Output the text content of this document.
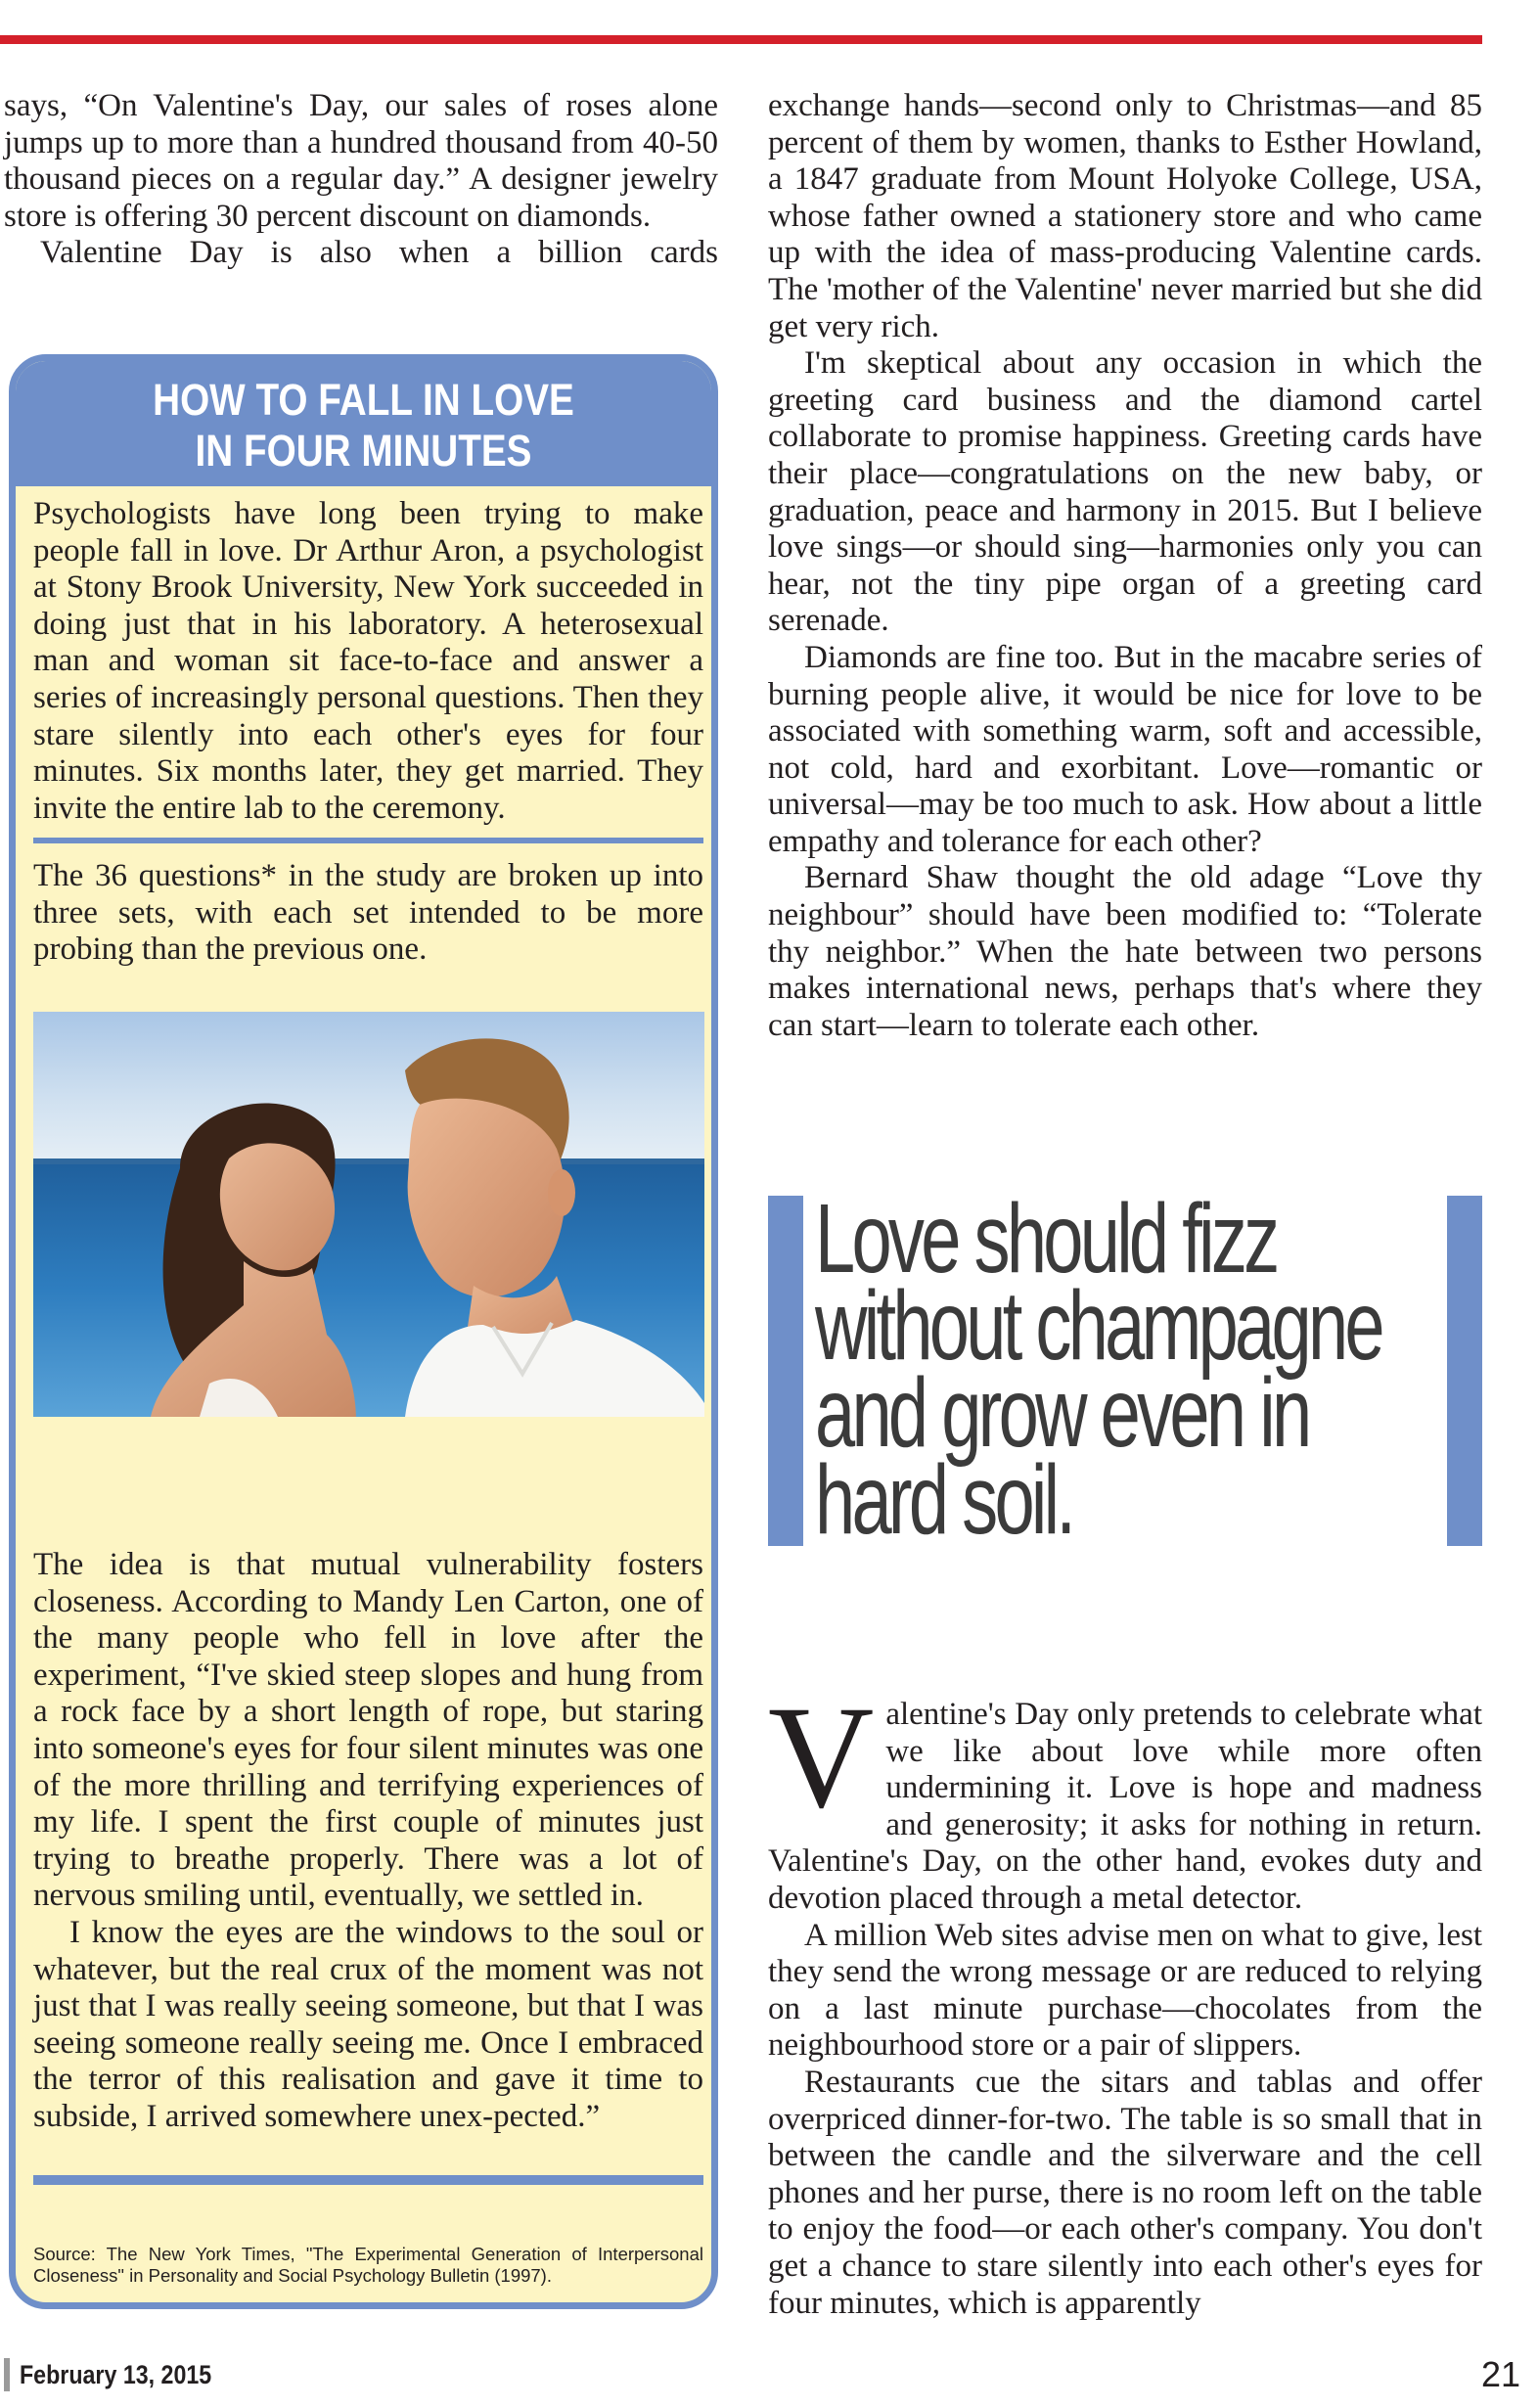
says, “On Valentine's Day, our sales of roses alone jumps up to more than a hundred thousand from 40-50 thousand pieces on a regular day.” A designer jewelry store is offering 30 percent discount on diamonds.

Valentine Day is also when a billion cards

HOW TO FALL IN LOVE
IN FOUR MINUTES
Psychologists have long been trying to make people fall in love. Dr Arthur Aron, a psychologist at Stony Brook University, New York succeeded in doing just that in his laboratory. A heterosexual man and woman sit face-to-face and answer a series of increasingly personal questions. Then they stare silently into each other's eyes for four minutes. Six months later, they get married. They invite the entire lab to the ceremony.
The 36 questions* in the study are broken up into three sets, with each set intended to be more probing than the previous one.

The idea is that mutual vulnerability fosters closeness. According to Mandy Len Carton, one of the many people who fell in love after the experiment, “I've skied steep slopes and hung from a rock face by a short length of rope, but staring into someone's eyes for four silent minutes was one of the more thrilling and terrifying experiences of my life. I spent the first couple of minutes just trying to breathe properly. There was a lot of nervous smiling until, eventually, we settled in.

I know the eyes are the windows to the soul or whatever, but the real crux of the moment was not just that I was really seeing someone, but that I was seeing someone really seeing me. Once I embraced the terror of this realisation and gave it time to subside, I arrived somewhere unex-pected.”

Source: The New York Times, "The Experimental Generation of Interpersonal Closeness" in Personality and Social Psychology Bulletin (1997).

exchange hands—second only to Christmas—and 85 percent of them by women, thanks to Esther Howland, a 1847 graduate from Mount Holyoke College, USA, whose father owned a stationery store and who came up with the idea of mass-producing Valentine cards. The 'mother of the Valentine' never married but she did get very rich.

I'm skeptical about any occasion in which the greeting card business and the diamond cartel collaborate to promise happiness. Greeting cards have their place—congratulations on the new baby, or graduation, peace and harmony in 2015. But I believe love sings—or should sing—harmonies only you can hear, not the tiny pipe organ of a greeting card serenade.

Diamonds are fine too. But in the macabre series of burning people alive, it would be nice for love to be associated with something warm, soft and accessible, not cold, hard and exorbitant. Love—romantic or universal—may be too much to ask. How about a little empathy and tolerance for each other?

Bernard Shaw thought the old adage “Love thy neighbour” should have been modified to: “Tolerate thy neighbor.” When the hate between two persons makes international news, perhaps that's where they can start—learn to tolerate each other.

Love should fizz
without champagne
and grow even in
hard soil.

Valentine's Day only pretends to celebrate what we like about love while more often undermining it. Love is hope and madness and generosity; it asks for nothing in return. Valentine's Day, on the other hand, evokes duty and devotion placed through a metal detector.

A million Web sites advise men on what to give, lest they send the wrong message or are reduced to relying on a last minute purchase—chocolates from the neighbourhood store or a pair of slippers.

Restaurants cue the sitars and tablas and offer overpriced dinner-for-two. The table is so small that in between the candle and the silverware and the cell phones and her purse, there is no room left on the table to enjoy the food—or each other's company. You don't get a chance to stare silently into each other's eyes for four minutes, which is apparently

February 13, 2015	21
